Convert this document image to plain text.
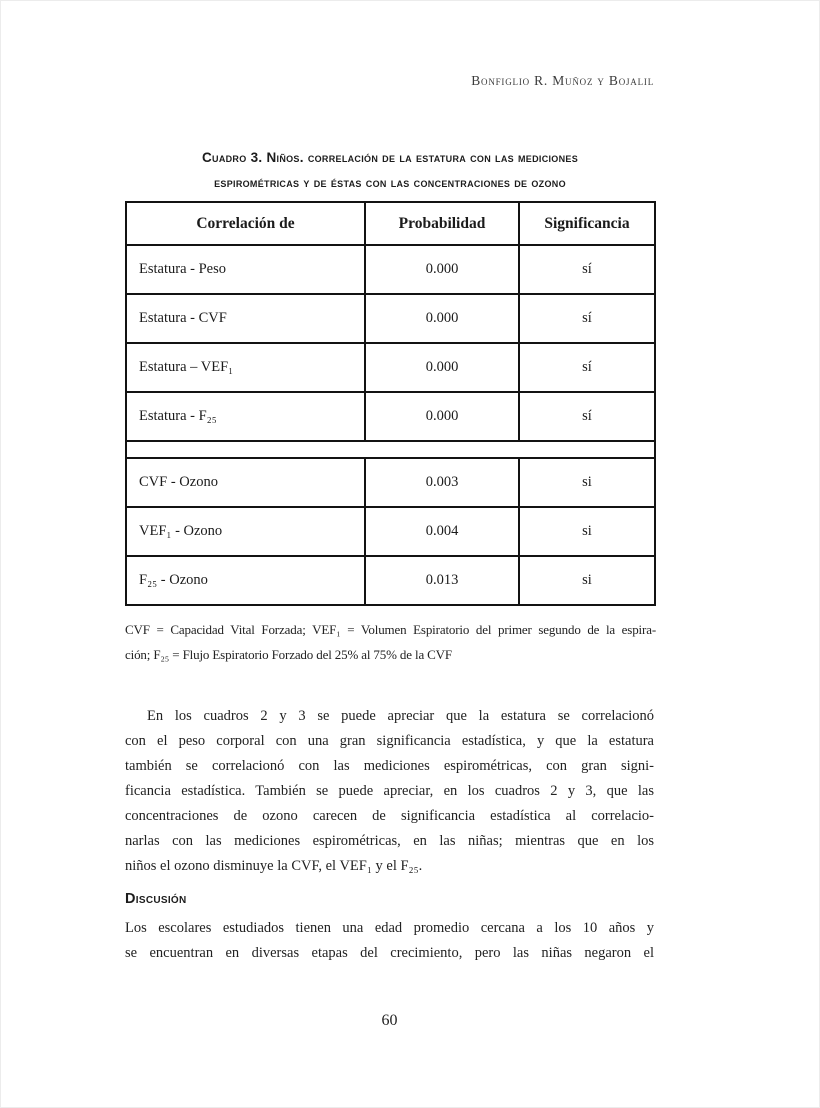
Bonfiglio R. Muñoz y Bojalil
Cuadro 3. Niños. correlación de la estatura con las mediciones
espirométricas y de éstas con las concentraciones de ozono
Correlación de	Probabilidad	Significancia
Estatura - Peso	0.000	sí
Estatura - CVF	0.000	sí
Estatura – VEF₁	0.000	sí
Estatura - F₂₅	0.000	sí

CVF - Ozono	0.003	si
VEF₁ - Ozono	0.004	si
F₂₅ - Ozono	0.013	si
CVF = Capacidad Vital Forzada; VEF₁ = Volumen Espiratorio del primer segundo de la espira-
ción; F₂₅ = Flujo Espiratorio Forzado del 25% al 75% de la CVF
En los cuadros 2 y 3 se puede apreciar que la estatura se correlacionó
con el peso corporal con una gran significancia estadística, y que la estatura
también se correlacionó con las mediciones espirométricas, con gran signi-
ficancia estadística. También se puede apreciar, en los cuadros 2 y 3, que las
concentraciones de ozono carecen de significancia estadística al correlacio-
narlas con las mediciones espirométricas, en las niñas; mientras que en los
niños el ozono disminuye la CVF, el VEF₁ y el F₂₅.
Discusión
Los escolares estudiados tienen una edad promedio cercana a los 10 años y
se encuentran en diversas etapas del crecimiento, pero las niñas negaron el
60
